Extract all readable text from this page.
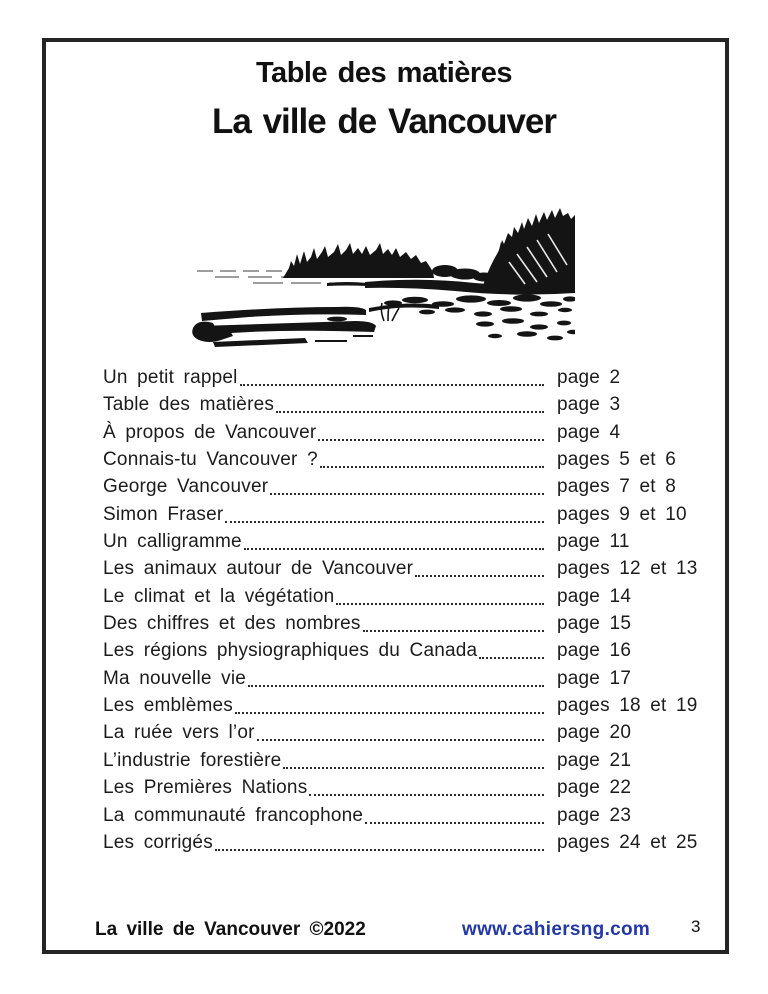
Table des matières
La ville de Vancouver
Un petit rappel	page 2
Table des matières	page 3
À propos de Vancouver	page 4
Connais-tu Vancouver ?	pages 5 et 6
George Vancouver	pages 7 et 8
Simon Fraser	pages 9 et 10
Un calligramme	page 11
Les animaux autour de Vancouver	pages 12 et 13
Le climat et la végétation	page 14
Des chiffres et des nombres	page 15
Les régions physiographiques du Canada	page 16
Ma nouvelle vie	page 17
Les emblèmes	pages 18 et 19
La ruée vers l’or	page 20
L’industrie forestière	page 21
Les Premières Nations	page 22
La communauté francophone	page 23
Les corrigés	pages 24 et 25
La ville de Vancouver ©2022	www.cahiersng.com 3
